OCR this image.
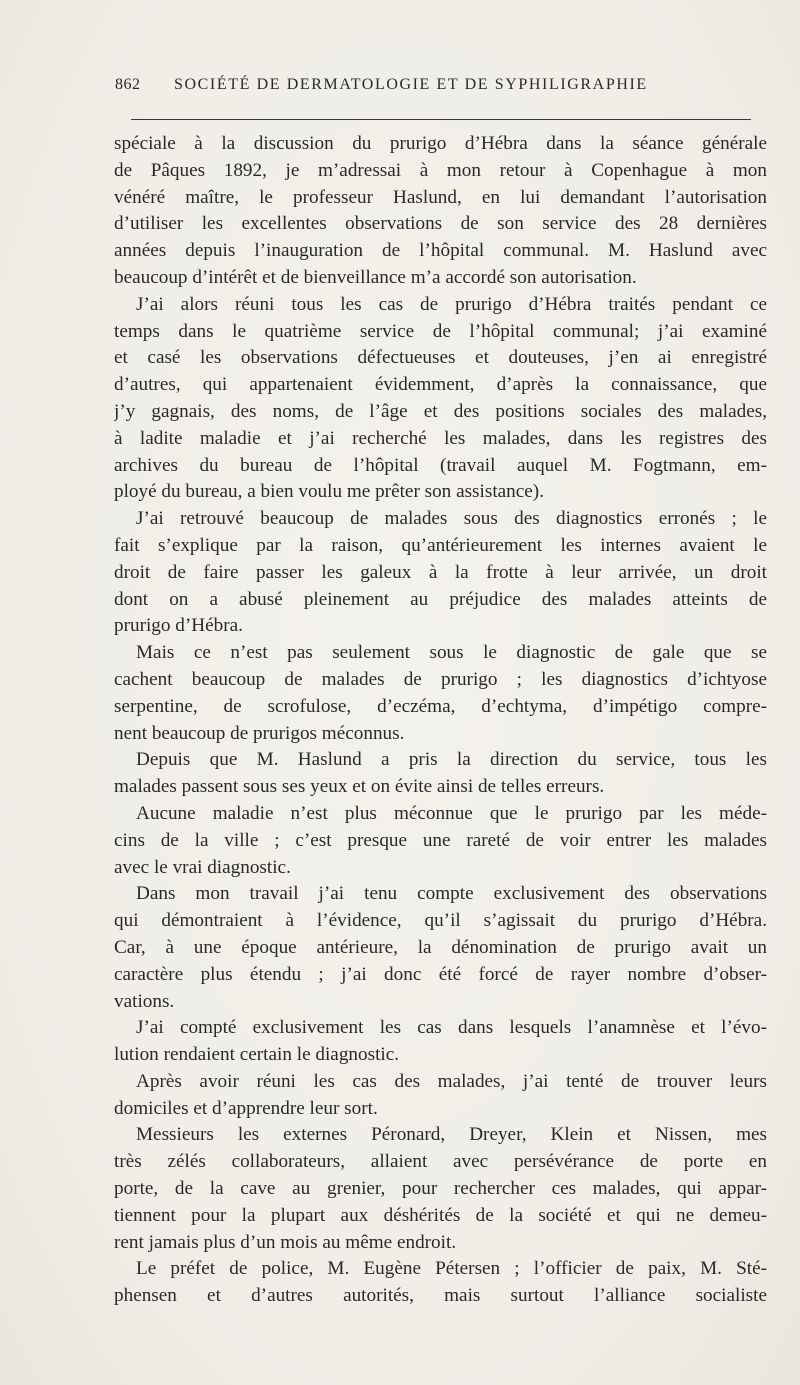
862 SOCIÉTÉ DE DERMATOLOGIE ET DE SYPHILIGRAPHIE
spéciale à la discussion du prurigo d’Hébra dans la séance générale
de Pâques 1892, je m’adressai à mon retour à Copenhague à mon
vénéré maître, le professeur Haslund, en lui demandant l’autorisation
d’utiliser les excellentes observations de son service des 28 dernières
années depuis l’inauguration de l’hôpital communal. M. Haslund avec
beaucoup d’intérêt et de bienveillance m’a accordé son autorisation.
J’ai alors réuni tous les cas de prurigo d’Hébra traités pendant ce
temps dans le quatrième service de l’hôpital communal; j’ai examiné
et casé les observations défectueuses et douteuses, j’en ai enregistré
d’autres, qui appartenaient évidemment, d’après la connaissance, que
j’y gagnais, des noms, de l’âge et des positions sociales des malades,
à ladite maladie et j’ai recherché les malades, dans les registres des
archives du bureau de l’hôpital (travail auquel M. Fogtmann, em-
ployé du bureau, a bien voulu me prêter son assistance).
J’ai retrouvé beaucoup de malades sous des diagnostics erronés ; le
fait s’explique par la raison, qu’antérieurement les internes avaient le
droit de faire passer les galeux à la frotte à leur arrivée, un droit
dont on a abusé pleinement au préjudice des malades atteints de
prurigo d’Hébra.
Mais ce n’est pas seulement sous le diagnostic de gale que se
cachent beaucoup de malades de prurigo ; les diagnostics d’ichtyose
serpentine, de scrofulose, d’eczéma, d’echtyma, d’impétigo compre-
nent beaucoup de prurigos méconnus.
Depuis que M. Haslund a pris la direction du service, tous les
malades passent sous ses yeux et on évite ainsi de telles erreurs.
Aucune maladie n’est plus méconnue que le prurigo par les méde-
cins de la ville ; c’est presque une rareté de voir entrer les malades
avec le vrai diagnostic.
Dans mon travail j’ai tenu compte exclusivement des observations
qui démontraient à l’évidence, qu’il s’agissait du prurigo d’Hébra.
Car, à une époque antérieure, la dénomination de prurigo avait un
caractère plus étendu ; j’ai donc été forcé de rayer nombre d’obser-
vations.
J’ai compté exclusivement les cas dans lesquels l’anamnèse et l’évo-
lution rendaient certain le diagnostic.
Après avoir réuni les cas des malades, j’ai tenté de trouver leurs
domiciles et d’apprendre leur sort.
Messieurs les externes Péronard, Dreyer, Klein et Nissen, mes
très zélés collaborateurs, allaient avec persévérance de porte en
porte, de la cave au grenier, pour rechercher ces malades, qui appar-
tiennent pour la plupart aux déshérités de la société et qui ne demeu-
rent jamais plus d’un mois au même endroit.
Le préfet de police, M. Eugène Pétersen ; l’officier de paix, M. Sté-
phensen et d’autres autorités, mais surtout l’alliance socialiste
